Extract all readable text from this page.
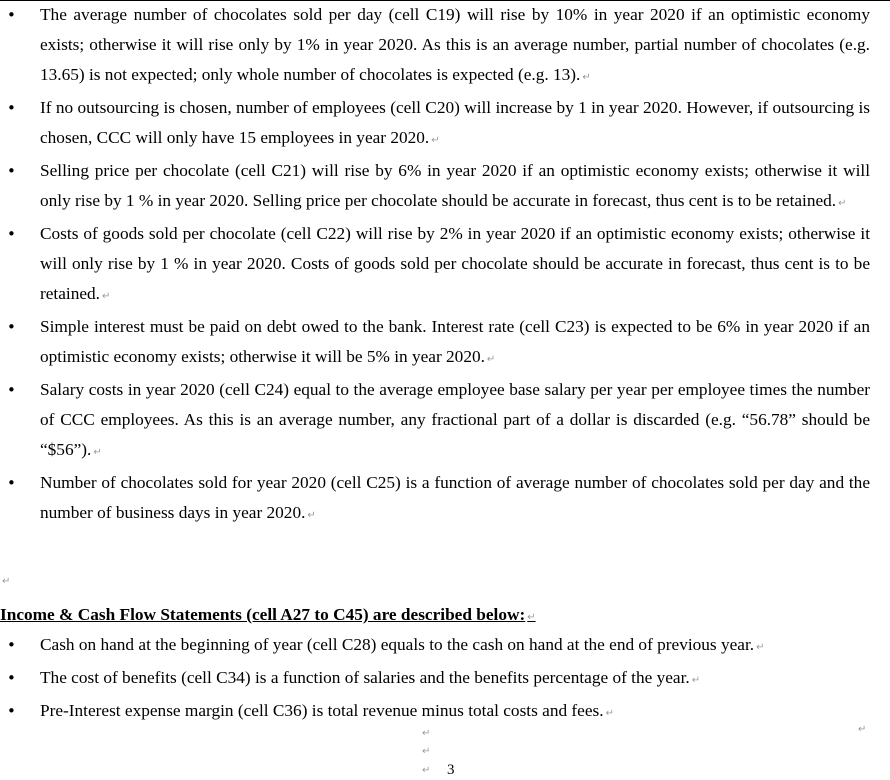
• The average number of chocolates sold per day (cell C19) will rise by 10% in year 2020 if an optimistic economy exists; otherwise it will rise only by 1% in year 2020. As this is an average number, partial number of chocolates (e.g. 13.65) is not expected; only whole number of chocolates is expected (e.g. 13). ↵
• If no outsourcing is chosen, number of employees (cell C20) will increase by 1 in year 2020. However, if outsourcing is chosen, CCC will only have 15 employees in year 2020. ↵
• Selling price per chocolate (cell C21) will rise by 6% in year 2020 if an optimistic economy exists; otherwise it will only rise by 1 % in year 2020. Selling price per chocolate should be accurate in forecast, thus cent is to be retained. ↵
• Costs of goods sold per chocolate (cell C22) will rise by 2% in year 2020 if an optimistic economy exists; otherwise it will only rise by 1 % in year 2020. Costs of goods sold per chocolate should be accurate in forecast, thus cent is to be retained. ↵
• Simple interest must be paid on debt owed to the bank. Interest rate (cell C23) is expected to be 6% in year 2020 if an optimistic economy exists; otherwise it will be 5% in year 2020. ↵
• Salary costs in year 2020 (cell C24) equal to the average employee base salary per year per employee times the number of CCC employees. As this is an average number, any fractional part of a dollar is discarded (e.g. “56.78” should be “$56”). ↵
• Number of chocolates sold for year 2020 (cell C25) is a function of average number of chocolates sold per day and the number of business days in year 2020. ↵
↵
Income & Cash Flow Statements (cell A27 to C45) are described below: ↵
• Cash on hand at the beginning of year (cell C28) equals to the cash on hand at the end of previous year. ↵
• The cost of benefits (cell C34) is a function of salaries and the benefits percentage of the year. ↵
• Pre-Interest expense margin (cell C36) is total revenue minus total costs and fees. ↵
↵
↵
↵
↵ 3
